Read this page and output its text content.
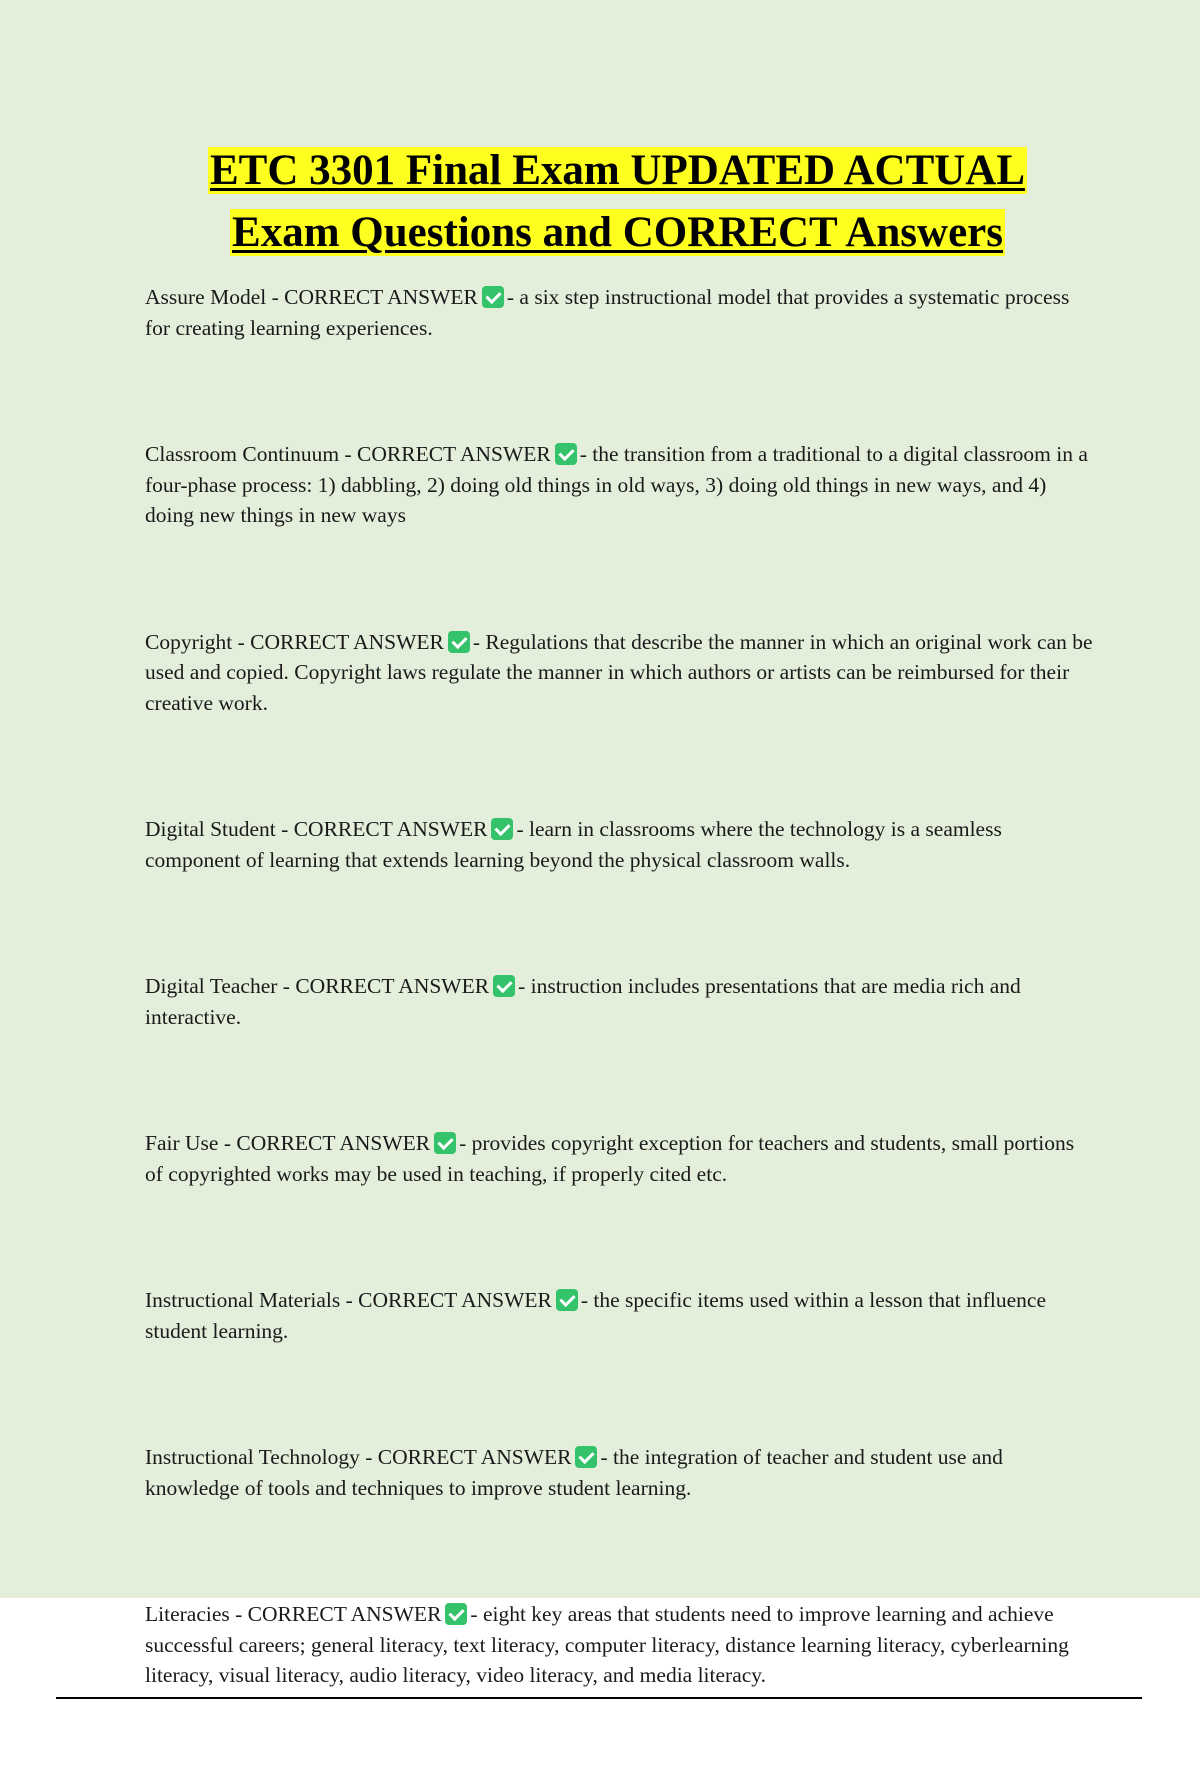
ETC 3301 Final Exam UPDATED ACTUAL
Exam Questions and CORRECT Answers

Assure Model - CORRECT ANSWER - a six step instructional model that provides a systematic process for creating learning experiences.

Classroom Continuum - CORRECT ANSWER - the transition from a traditional to a digital classroom in a four-phase process: 1) dabbling, 2) doing old things in old ways, 3) doing old things in new ways, and 4) doing new things in new ways

Copyright - CORRECT ANSWER - Regulations that describe the manner in which an original work can be used and copied. Copyright laws regulate the manner in which authors or artists can be reimbursed for their creative work.

Digital Student - CORRECT ANSWER - learn in classrooms where the technology is a seamless component of learning that extends learning beyond the physical classroom walls.

Digital Teacher - CORRECT ANSWER - instruction includes presentations that are media rich and interactive.

Fair Use - CORRECT ANSWER - provides copyright exception for teachers and students, small portions of copyrighted works may be used in teaching, if properly cited etc.

Instructional Materials - CORRECT ANSWER - the specific items used within a lesson that influence student learning.

Instructional Technology - CORRECT ANSWER - the integration of teacher and student use and knowledge of tools and techniques to improve student learning.

Literacies - CORRECT ANSWER - eight key areas that students need to improve learning and achieve successful careers; general literacy, text literacy, computer literacy, distance learning literacy, cyberlearning literacy, visual literacy, audio literacy, video literacy, and media literacy.
